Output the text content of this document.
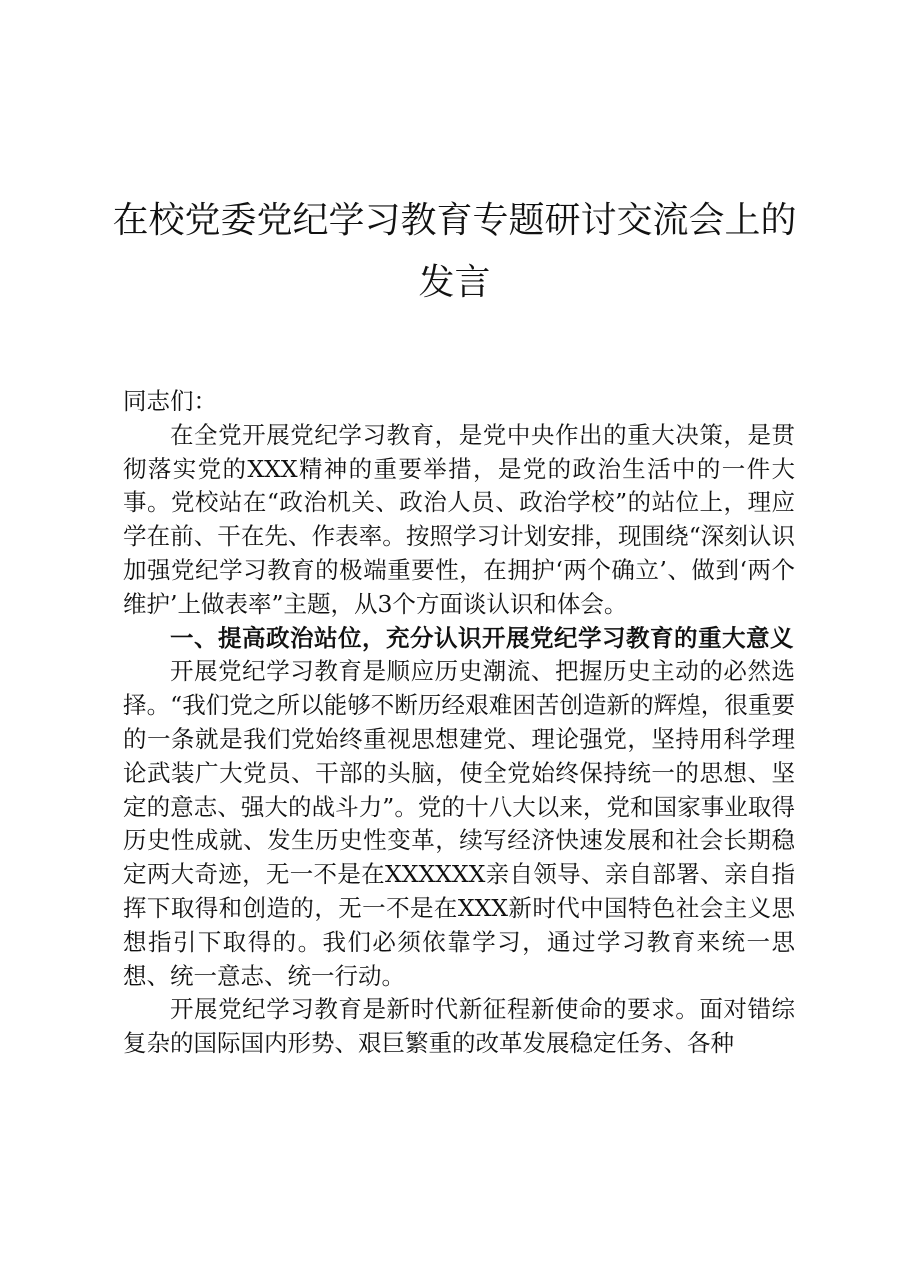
在校党委党纪学习教育专题研讨交流会上的发言

同志们：

在全党开展党纪学习教育，是党中央作出的重大决策，是贯彻落实党的XXX精神的重要举措，是党的政治生活中的一件大事。党校站在“政治机关、政治人员、政治学校”的站位上，理应学在前、干在先、作表率。按照学习计划安排，现围绕“深刻认识加强党纪学习教育的极端重要性，在拥护‘两个确立’、做到‘两个维护’上做表率”主题，从3个方面谈认识和体会。

一、提高政治站位，充分认识开展党纪学习教育的重大意义

开展党纪学习教育是顺应历史潮流、把握历史主动的必然选择。“我们党之所以能够不断历经艰难困苦创造新的辉煌，很重要的一条就是我们党始终重视思想建党、理论强党，坚持用科学理论武装广大党员、干部的头脑，使全党始终保持统一的思想、坚定的意志、强大的战斗力”。党的十八大以来，党和国家事业取得历史性成就、发生历史性变革，续写经济快速发展和社会长期稳定两大奇迹，无一不是在XXXXXX亲自领导、亲自部署、亲自指挥下取得和创造的，无一不是在XXX新时代中国特色社会主义思想指引下取得的。我们必须依靠学习，通过学习教育来统一思想、统一意志、统一行动。

开展党纪学习教育是新时代新征程新使命的要求。面对错综复杂的国际国内形势、艰巨繁重的改革发展稳定任务、各种
